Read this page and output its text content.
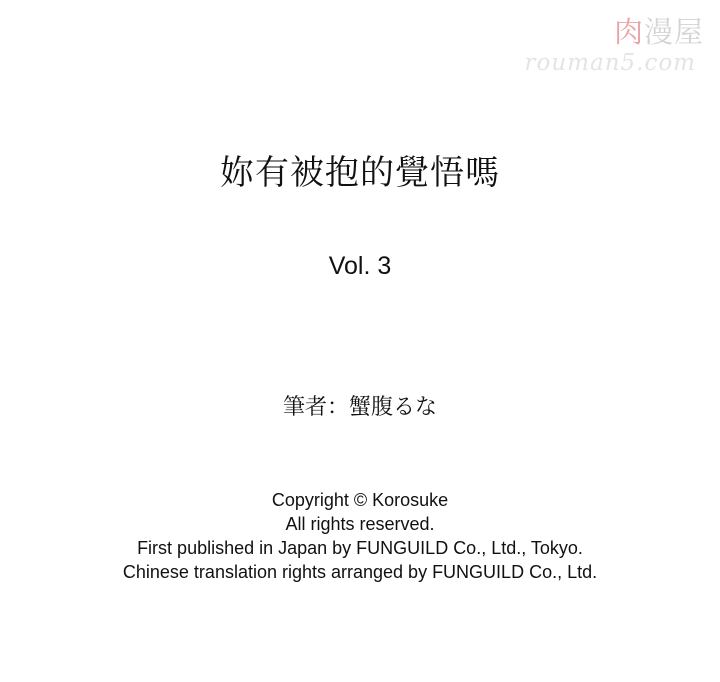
肉漫屋
rouman5.com
妳有被抱的覺悟嗎
Vol. 3
筆者：蟹腹るな
Copyright © Korosuke
All rights reserved.
First published in Japan by FUNGUILD Co., Ltd., Tokyo.
Chinese translation rights arranged by FUNGUILD Co., Ltd.
